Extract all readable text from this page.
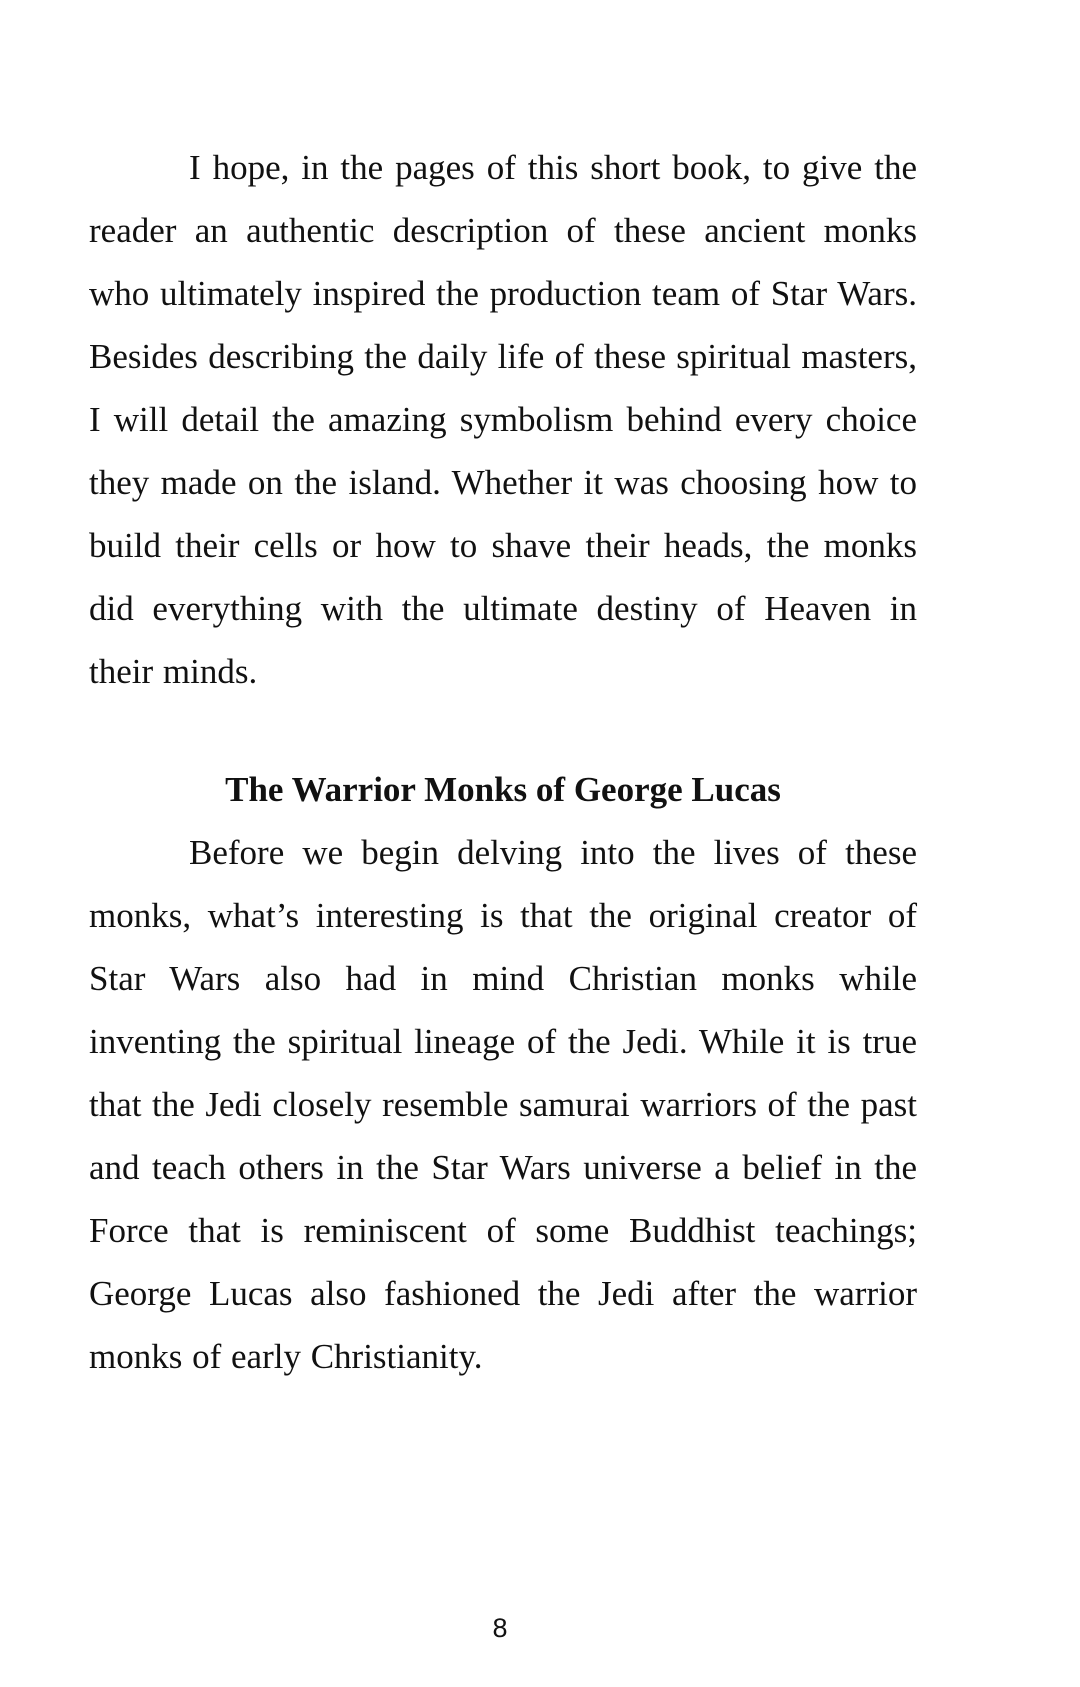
I hope, in the pages of this short book, to give the reader an authentic description of these ancient monks who ultimately inspired the production team of Star Wars. Besides describing the daily life of these spiritual masters, I will detail the amazing symbolism behind every choice they made on the island. Whether it was choosing how to build their cells or how to shave their heads, the monks did everything with the ultimate destiny of Heaven in their minds.

The Warrior Monks of George Lucas

Before we begin delving into the lives of these monks, what’s interesting is that the original creator of Star Wars also had in mind Christian monks while inventing the spiritual lineage of the Jedi. While it is true that the Jedi closely resemble samurai warriors of the past and teach others in the Star Wars universe a belief in the Force that is reminiscent of some Buddhist teachings; George Lucas also fashioned the Jedi after the warrior monks of early Christianity.

8
